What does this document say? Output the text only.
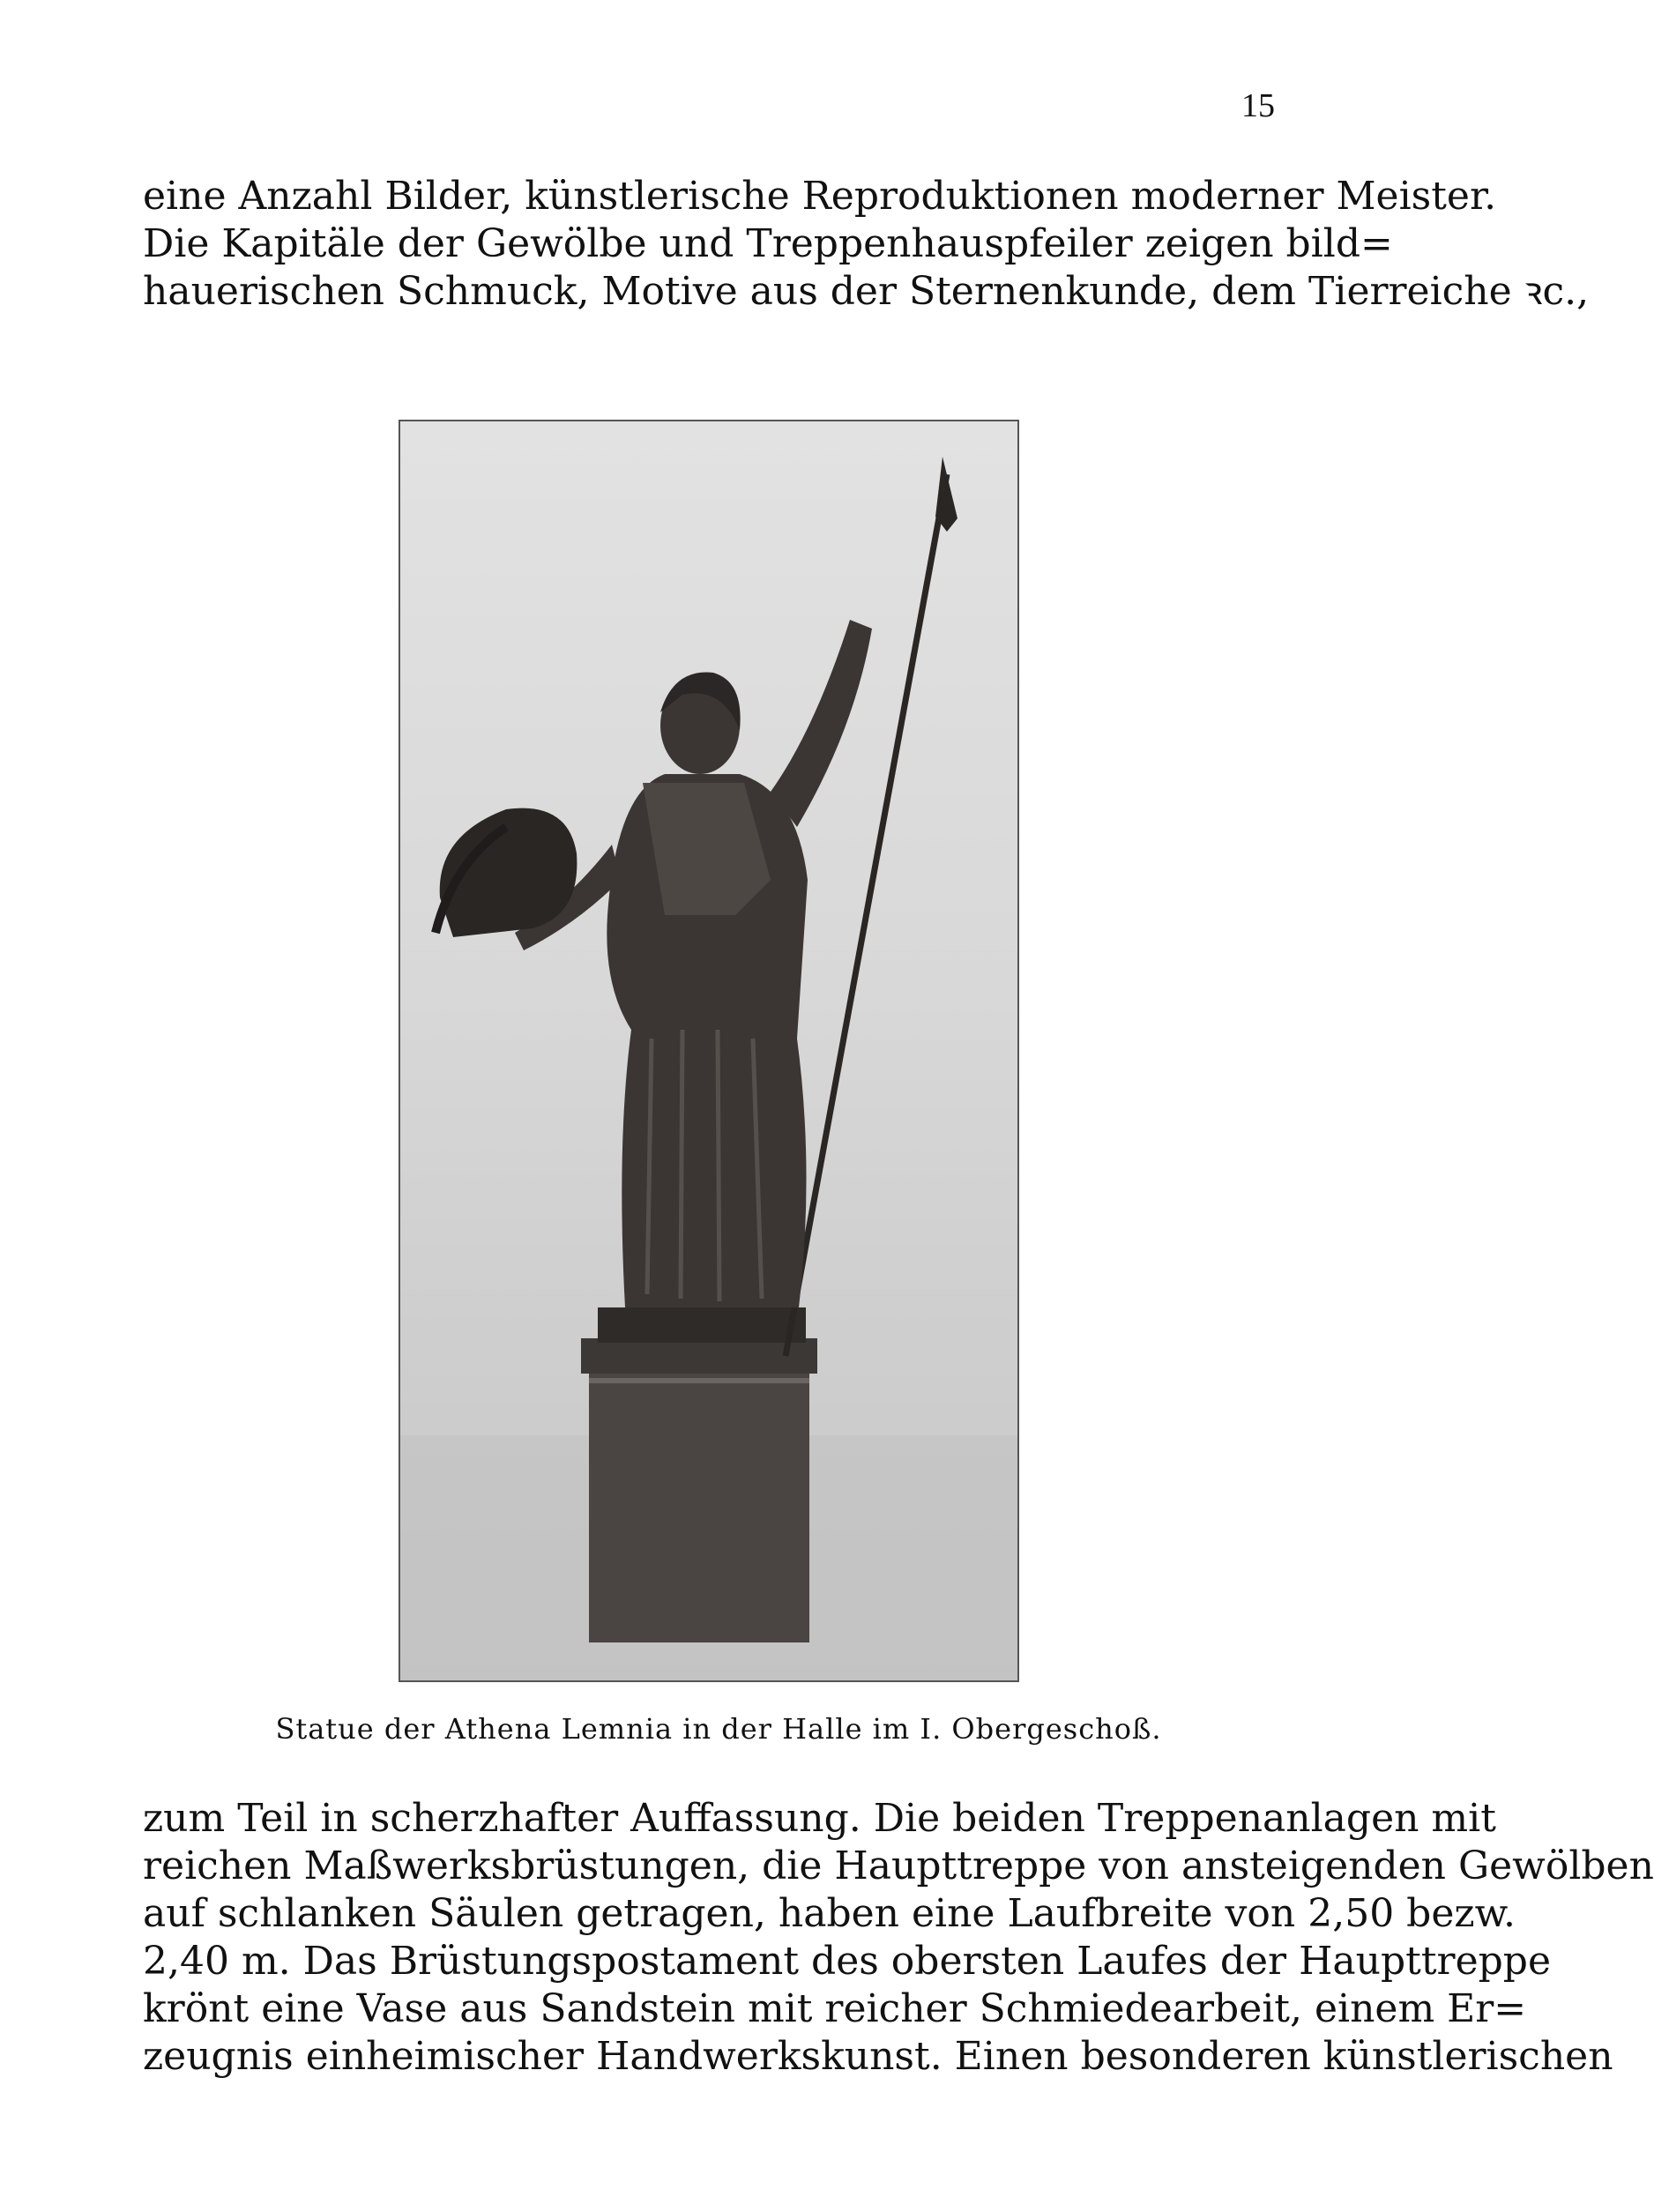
15
eine Anzahl Bilder, künstlerische Reproduktionen moderner Meister.
Die Kapitäle der Gewölbe und Treppenhauspfeiler zeigen bild=
hauerischen Schmuck, Motive aus der Sternenkunde, dem Tierreiche ꝛc.,
Statue der Athena Lemnia in der Halle im I. Obergeschoß.
zum Teil in scherzhafter Auffassung. Die beiden Treppenanlagen mit
reichen Maßwerksbrüstungen, die Haupttreppe von ansteigenden Gewölben
auf schlanken Säulen getragen, haben eine Laufbreite von 2,50 bezw.
2,40 m. Das Brüstungspostament des obersten Laufes der Haupttreppe
krönt eine Vase aus Sandstein mit reicher Schmiedearbeit, einem Er=
zeugnis einheimischer Handwerkskunst. Einen besonderen künstlerischen
